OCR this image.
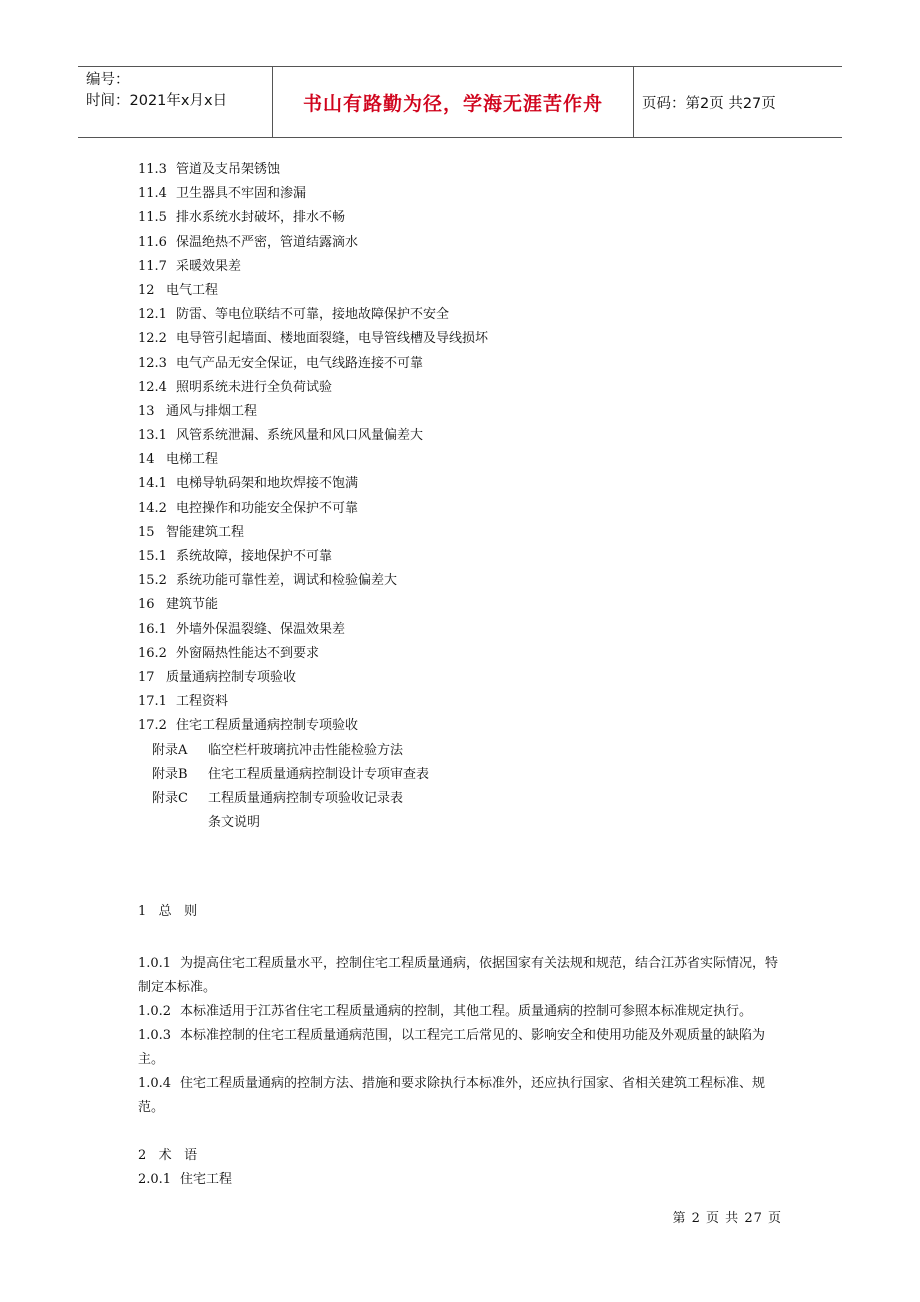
编号：
时间：2021年x月x日	书山有路勤为径，学海无涯苦作舟	页码：第2页 共27页
11.3 管道及支吊架锈蚀
11.4 卫生器具不牢固和渗漏
11.5 排水系统水封破坏，排水不畅
11.6 保温绝热不严密，管道结露滴水
11.7 采暖效果差
12 电气工程
12.1 防雷、等电位联结不可靠，接地故障保护不安全
12.2 电导管引起墙面、楼地面裂缝，电导管线槽及导线损坏
12.3 电气产品无安全保证，电气线路连接不可靠
12.4 照明系统未进行全负荷试验
13 通风与排烟工程
13.1 风管系统泄漏、系统风量和风口风量偏差大
14 电梯工程
14.1 电梯导轨码架和地坎焊接不饱满
14.2 电控操作和功能安全保护不可靠
15 智能建筑工程
15.1 系统故障，接地保护不可靠
15.2 系统功能可靠性差，调试和检验偏差大
16 建筑节能
16.1 外墙外保温裂缝、保温效果差
16.2 外窗隔热性能达不到要求
17 质量通病控制专项验收
17.1 工程资料
17.2 住宅工程质量通病控制专项验收
附录A 临空栏杆玻璃抗冲击性能检验方法
附录B 住宅工程质量通病控制设计专项审查表
附录C 工程质量通病控制专项验收记录表
条文说明
1   总   则
1.0.1 为提高住宅工程质量水平，控制住宅工程质量通病，依据国家有关法规和规范，结合江苏省实际情况，特制定本标准。
1.0.2 本标准适用于江苏省住宅工程质量通病的控制，其他工程。质量通病的控制可参照本标准规定执行。
1.0.3 本标准控制的住宅工程质量通病范围，以工程完工后常见的、影响安全和使用功能及外观质量的缺陷为主。
1.0.4 住宅工程质量通病的控制方法、措施和要求除执行本标准外，还应执行国家、省相关建筑工程标准、规范。
2   术   语
2.0.1 住宅工程
第 2 页 共 27 页
